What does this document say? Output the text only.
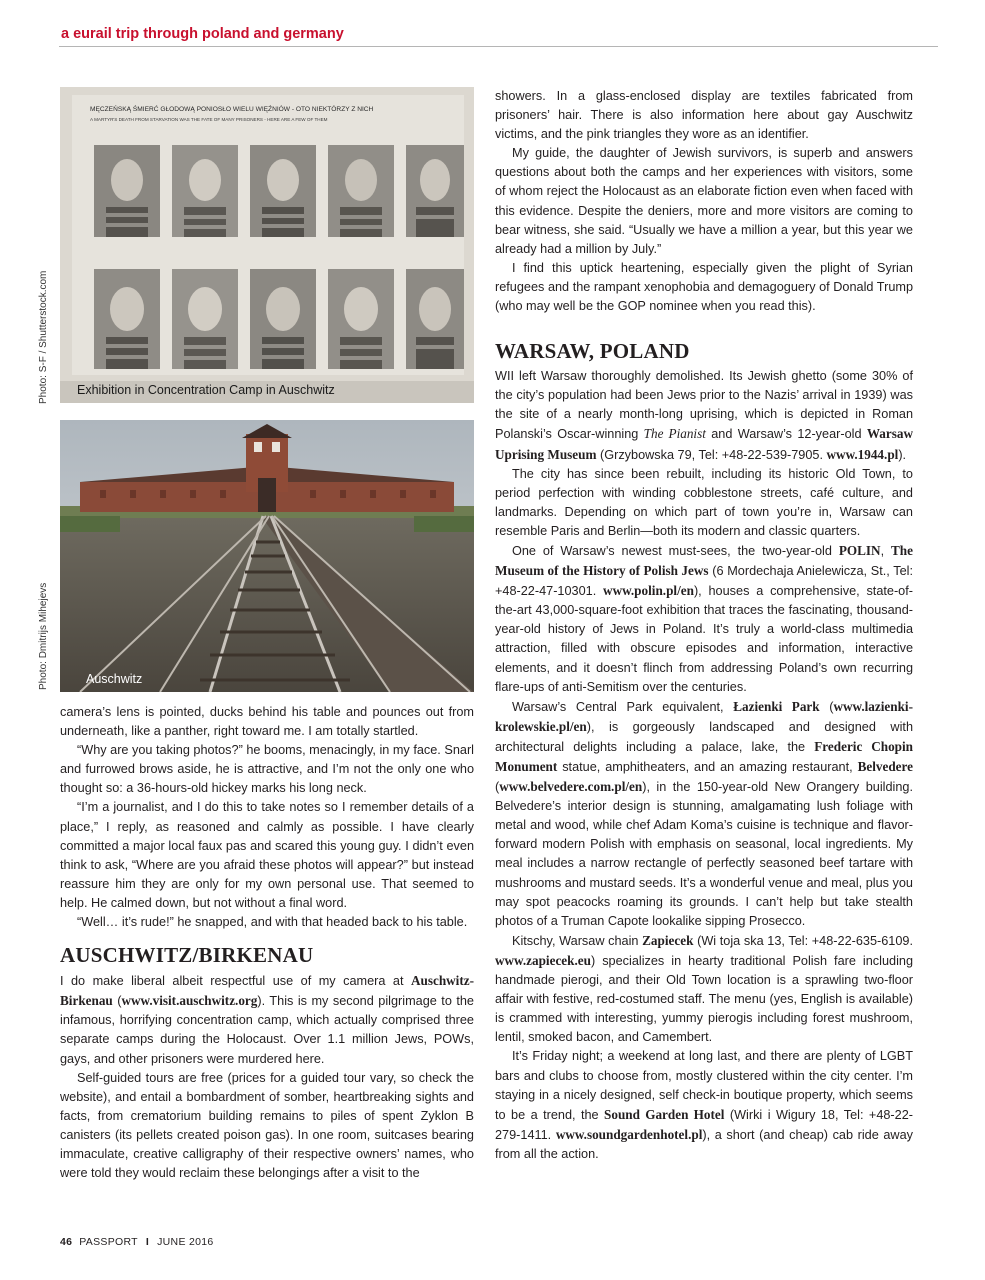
a eurail trip through poland and germany
MĘCZEŃSKĄ ŚMIERĆ GŁODOWĄ PONIOSŁO WIELU WIĘŹNIÓW - OTO NIEKTÓRZY Z NICH
A MARTYR'S DEATH FROM STARVATION WAS THE FATE OF MANY PRISONERS - HERE ARE A FEW OF THEM
Exhibition in Concentration Camp in Auschwitz
Photo: S-F / Shutterstock.com
Auschwitz
Photo: Dmitrijs Mihejevs

camera’s lens is pointed, ducks behind his table and pounces out from underneath, like a panther, right toward me. I am totally startled.

“Why are you taking photos?” he booms, menacingly, in my face. Snarl and furrowed brows aside, he is attractive, and I’m not the only one who thought so: a 36-hours-old hickey marks his long neck.

“I’m a journalist, and I do this to take notes so I remember details of a place,” I reply, as reasoned and calmly as possible. I have clearly committed a major local faux pas and scared this young guy. I didn’t even think to ask, “Where are you afraid these photos will appear?” but instead reassure him they are only for my own personal use. That seemed to help. He calmed down, but not without a final word.

“Well… it’s rude!” he snapped, and with that headed back to his table.

AUSCHWITZ/BIRKENAU

I do make liberal albeit respectful use of my camera at Auschwitz-Birkenau (www.visit.auschwitz.org). This is my second pilgrimage to the infamous, horrifying concentration camp, which actually comprised three separate camps during the Holocaust. Over 1.1 million Jews, POWs, gays, and other prisoners were murdered here.

Self-guided tours are free (prices for a guided tour vary, so check the website), and entail a bombardment of somber, heartbreaking sights and facts, from crematorium building remains to piles of spent Zyklon B canisters (its pellets created poison gas). In one room, suitcases bearing immaculate, creative calligraphy of their respective owners’ names, who were told they would reclaim these belongings after a visit to the

showers. In a glass-enclosed display are textiles fabricated from prisoners’ hair. There is also information here about gay Auschwitz victims, and the pink triangles they wore as an identifier.

My guide, the daughter of Jewish survivors, is superb and answers questions about both the camps and her experiences with visitors, some of whom reject the Holocaust as an elaborate fiction even when faced with this evidence. Despite the deniers, more and more visitors are coming to bear witness, she said. “Usually we have a million a year, but this year we already had a million by July.”

I find this uptick heartening, especially given the plight of Syrian refugees and the rampant xenophobia and demagoguery of Donald Trump (who may well be the GOP nominee when you read this).

WARSAW, POLAND

WII left Warsaw thoroughly demolished. Its Jewish ghetto (some 30% of the city’s population had been Jews prior to the Nazis’ arrival in 1939) was the site of a nearly month-long uprising, which is depicted in Roman Polanski’s Oscar-winning The Pianist and Warsaw’s 12-year-old Warsaw Uprising Museum (Grzybowska 79, Tel: +48-22-539-7905. www.1944.pl).

The city has since been rebuilt, including its historic Old Town, to period perfection with winding cobblestone streets, café culture, and landmarks. Depending on which part of town you’re in, Warsaw can resemble Paris and Berlin—both its modern and classic quarters.

One of Warsaw’s newest must-sees, the two-year-old POLIN, The Museum of the History of Polish Jews (6 Mordechaja Anielewicza, St., Tel: +48-22-47-10301. www.polin.pl/en), houses a comprehensive, state-of-the-art 43,000-square-foot exhibition that traces the fascinating, thousand-year-old history of Jews in Poland. It’s truly a world-class multimedia attraction, filled with obscure episodes and information, interactive elements, and it doesn’t flinch from addressing Poland’s own recurring flare-ups of anti-Semitism over the centuries.

Warsaw’s Central Park equivalent, Łazienki Park (www.lazienki-krolewskie.pl/en), is gorgeously landscaped and designed with architectural delights including a palace, lake, the Frederic Chopin Monument statue, amphitheaters, and an amazing restaurant, Belvedere (www.belvedere.com.pl/en), in the 150-year-old New Orangery building. Belvedere’s interior design is stunning, amalgamating lush foliage with metal and wood, while chef Adam Koma’s cuisine is technique and flavor-forward modern Polish with emphasis on seasonal, local ingredients. My meal includes a narrow rectangle of perfectly seasoned beef tartare with mushrooms and mustard seeds. It’s a wonderful venue and meal, plus you may spot peacocks roaming its grounds. I can’t help but take stealth photos of a Truman Capote lookalike sipping Prosecco.

Kitschy, Warsaw chain Zapiecek (Wi toja ska 13, Tel: +48-22-635-6109. www.zapiecek.eu) specializes in hearty traditional Polish fare including handmade pierogi, and their Old Town location is a sprawling two-floor affair with festive, red-costumed staff. The menu (yes, English is available) is crammed with interesting, yummy pierogis including forest mushroom, lentil, smoked bacon, and Camembert.

It’s Friday night; a weekend at long last, and there are plenty of LGBT bars and clubs to choose from, mostly clustered within the city center. I’m staying in a nicely designed, self check-in boutique property, which seems to be a trend, the Sound Garden Hotel (Wirki i Wigury 18, Tel: +48-22-279-1411. www.soundgardenhotel.pl), a short (and cheap) cab ride away from all the action.

46 PASSPORT I JUNE 2016
